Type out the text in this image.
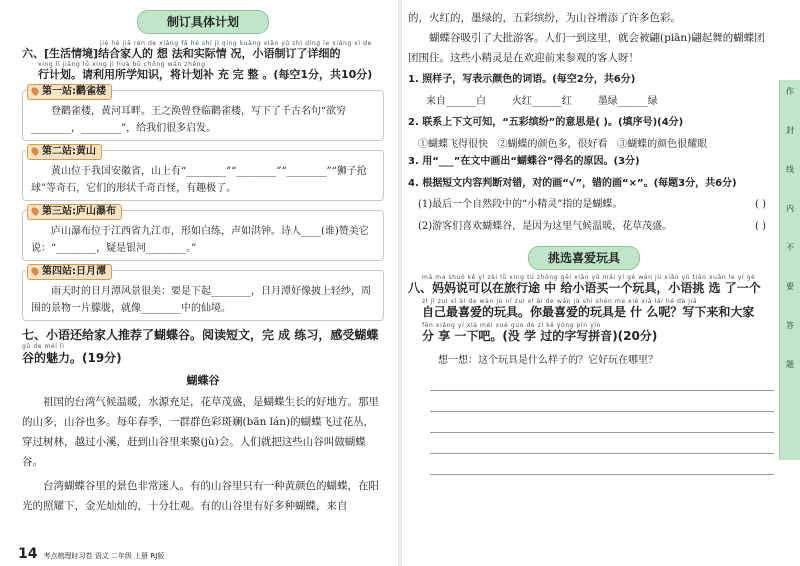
制订具体计划
jié hé jiā rén de xiǎng fǎ hé shí jì qíng kuàng xiǎo yǔ zhì dìng le xiáng xì de
六、[生活情境]结合家人的 想 法和实际情 况，小语制订了详细的
xíng lǐ jiāng lǚ xíng jì huà bǔ chōng wán zhěng
行计划。请利用所学知识，将计划补 充 完 整 。(每空1分，共10分)
第一站:鹳雀楼
登鹳雀楼，黄河耳畔。王之涣曾登临鹳雀楼，写下了千古名句“欲穷________，________”，给我们很多启发。
第二站:黄山
黄山位于我国安徽省，山上有“________”“________”“________”“狮子抢球”等奇石，它们的形状千奇百怪，有趣极了。
第三站:庐山瀑布
庐山瀑布位于江西省九江市，形如白练，声如洪钟。诗人____(谁)赞美它说：“________，疑是银河________。”
第四站:日月潭
雨天时的日月潭风景很美：要是下起________，日月潭好像披上轻纱，周围的景物一片朦胧，就像________中的仙境。
七、小语还给家人推荐了蝴蝶谷。阅读短文，完 成 练习，感受蝴蝶
gǔ de mèi lì
谷的魅力。(19分)
蝴蝶谷

祖国的台湾气候温暖，水源充足，花草茂盛，是蝴蝶生长的好地方。那里的山多，山谷也多。每年春季，一群群色彩斑斓(bān lán)的蝴蝶飞过花丛，穿过树林，越过小溪，赶到山谷里来聚(jù)会。人们就把这些山谷叫做蝴蝶谷。

台湾蝴蝶谷里的景色非常迷人。有的山谷里只有一种黄颜色的蝴蝶，在阳光的照耀下，金光灿灿的，十分壮观。有的山谷里有好多种蝴蝶，来自

14 考点梳理时习卷 语文 二年级 上册 RJ版

的，火红的，墨绿的，五彩缤纷，为山谷增添了许多色彩。

蝴蝶谷吸引了大批游客。人们一到这里，就会被翩(piān)翩起舞的蝴蝶团团围住。这些小精灵是在欢迎前来参观的客人呀！

1. 照样子，写表示颜色的词语。(每空2分，共6分)
来自______白	火红______红	墨绿______绿
2. 联系上下文可知，“五彩缤纷”的意思是( )。(填序号)(4分)
①蝴蝶飞得很快 ②蝴蝶的颜色多，很好看 ③蝴蝶的颜色很耀眼
3. 用“___”在文中画出“蝴蝶谷”得名的原因。(3分)
4. 根据短文内容判断对错，对的画“√”，错的画“×”。(每题3分，共6分)
(1)最后一个自然段中的“小精灵”指的是蝴蝶。	( )
(2)游客们喜欢蝴蝶谷，是因为这里气候温暖，花草茂盛。	( )
挑选喜爱玩具
mā ma shuō kě yǐ zài lǚ xíng tú zhōng gěi xiǎo yǔ mǎi yí gè wán jù xiǎo yǔ tiāo xuǎn le yí gè
八、妈妈说可以在旅行途 中 给小语买一个玩具，小语挑 选 了一个
zì jǐ zuì xǐ ài de wán jù nǐ zuì xǐ ài de wán jù shì shén me xiě xià lái hé dà jiā
自己最喜爱的玩具。你最喜爱的玩具是 什 么呢？写下来和大家
fēn xiǎng yí xià méi xué guo de zì kě yòng pīn yīn
分 享 一下吧。(没 学 过的字写拼音)(20分)
想一想：这个玩具是什么样子的？它好玩在哪里？
作
封
线
内
不
要
答
题
